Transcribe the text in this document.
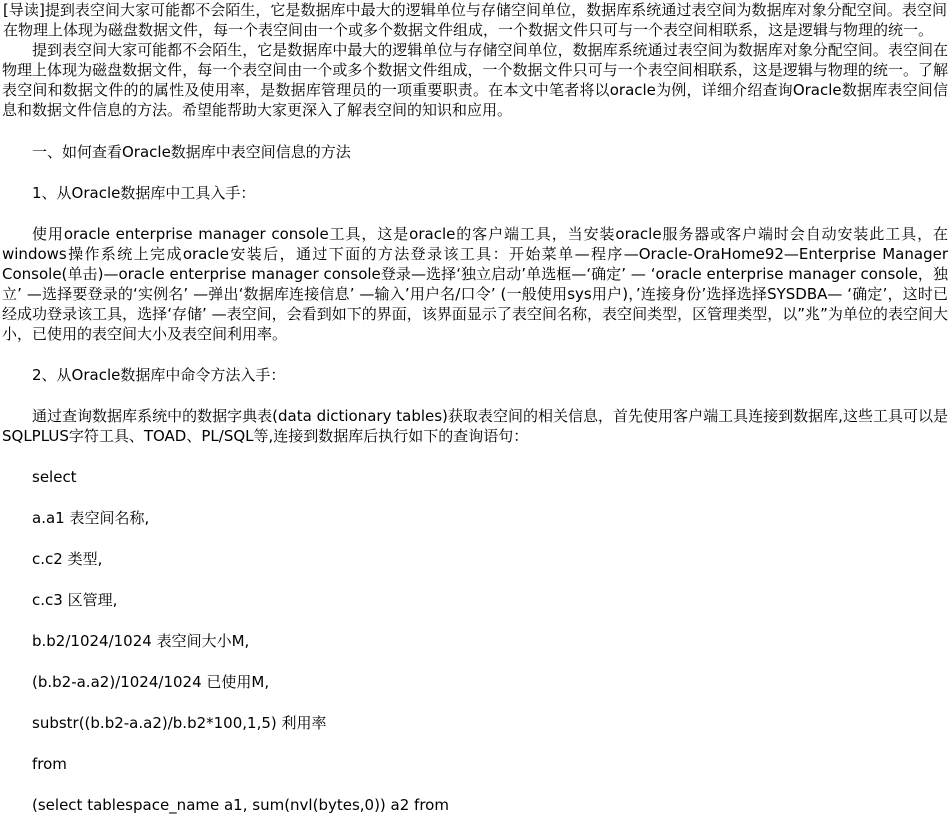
[导读]提到表空间大家可能都不会陌生，它是数据库中最大的逻辑单位与存储空间单位，数据库系统通过表空间为数据库对象分配空间。表空间在物理上体现为磁盘数据文件，每一个表空间由一个或多个数据文件组成，一个数据文件只可与一个表空间相联系，这是逻辑与物理的统一。

提到表空间大家可能都不会陌生，它是数据库中最大的逻辑单位与存储空间单位，数据库系统通过表空间为数据库对象分配空间。表空间在物理上体现为磁盘数据文件，每一个表空间由一个或多个数据文件组成，一个数据文件只可与一个表空间相联系，这是逻辑与物理的统一。了解表空间和数据文件的的属性及使用率，是数据库管理员的一项重要职责。在本文中笔者将以oracle为例，详细介绍查询Oracle数据库表空间信息和数据文件信息的方法。希望能帮助大家更深入了解表空间的知识和应用。

一、如何查看Oracle数据库中表空间信息的方法

1、从Oracle数据库中工具入手：

使用oracle enterprise manager console工具，这是oracle的客户端工具，当安装oracle服务器或客户端时会自动安装此工具，在windows操作系统上完成oracle安装后，通过下面的方法登录该工具：开始菜单—程序—Oracle-OraHome92—Enterprise Manager Console(单击)—oracle enterprise manager console登录—选择‘独立启动’单选框—‘确定’ — ‘oracle enterprise manager console，独立’ —选择要登录的‘实例名’ —弹出‘数据库连接信息’ —输入’用户名/口令’ (一般使用sys用户)，’连接身份’选择选择SYSDBA— ‘确定’，这时已经成功登录该工具，选择‘存储’ —表空间，会看到如下的界面，该界面显示了表空间名称，表空间类型，区管理类型，以”兆”为单位的表空间大小，已使用的表空间大小及表空间利用率。

2、从Oracle数据库中命令方法入手：

通过查询数据库系统中的数据字典表(data dictionary tables)获取表空间的相关信息，首先使用客户端工具连接到数据库,这些工具可以是SQLPLUS字符工具、TOAD、PL/SQL等,连接到数据库后执行如下的查询语句：

select

a.a1 表空间名称,

c.c2 类型,

c.c3 区管理,

b.b2/1024/1024 表空间大小M,

(b.b2-a.a2)/1024/1024 已使用M,

substr((b.b2-a.a2)/b.b2*100,1,5) 利用率

from

(select tablespace_name a1, sum(nvl(bytes,0)) a2 from
